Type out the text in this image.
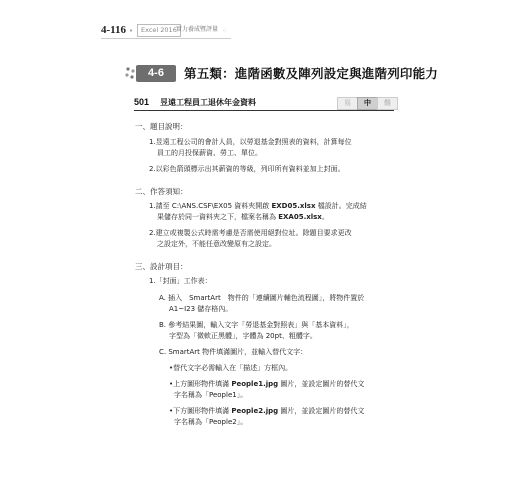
4-116 •	Excel 2016 實力養成暨評量 ⁘
4-6	第五類：進階函數及陣列設定與進階列印能力
501 昱遠工程員工退休年金資料	易	中	難
一、題目說明：
1.昱遠工程公司的會計人員，以勞退基金對照表的資料，計算每位
員工的月投保薪資、勞工、單位。
2.以彩色箭頭標示出其薪資的等級，列印所有資料並加上封面。
二、作答須知：
1.請至 C:\ANS.CSF\EX05 資料夾開啟 EXD05.xlsx 檔設計。完成結
果儲存於同一資料夾之下，檔案名稱為 EXA05.xlsx。
2.建立或複製公式時需考慮是否需使用絕對位址。除題目要求更改
之設定外，不能任意改變原有之設定。
三、設計項目：
1.「封面」工作表：
A. 插入　SmartArt　物件的「連續圖片輔色流程圖」，將物件置於
A1~I23 儲存格內。
B. 參考結果圖，輸入文字「勞退基金對照表」與「基本資料」，
字型為「微軟正黑體」，字體為 20pt、粗體字。
C. SmartArt 物件填滿圖片，並輸入替代文字：
•替代文字必需輸入在「描述」方框內。
•上方圖形物件填滿 People1.jpg 圖片，並設定圖片的替代文
字名稱為「People1」。
•下方圖形物件填滿 People2.jpg 圖片，並設定圖片的替代文
字名稱為「People2」。
